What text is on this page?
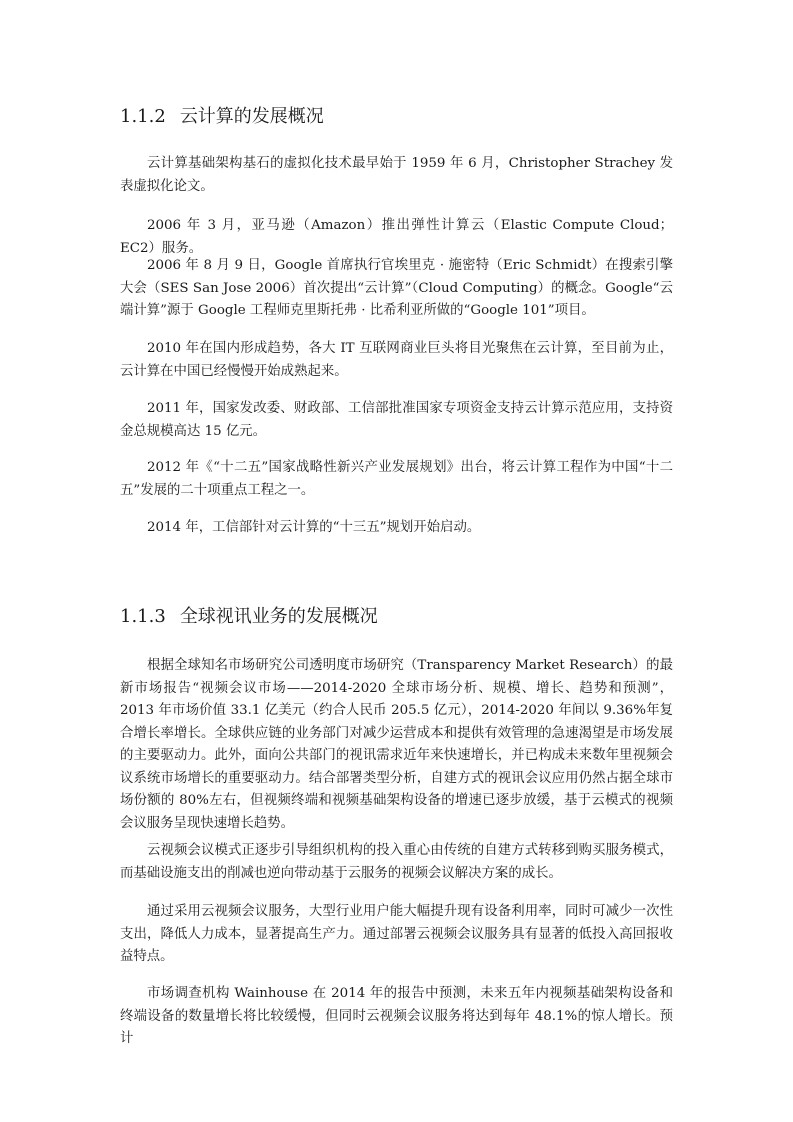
1.1.2 云计算的发展概况

云计算基础架构基石的虚拟化技术最早始于 1959 年 6 月，Christopher Strachey 发表虚拟化论文。

2006 年 3 月，亚马逊（Amazon）推出弹性计算云（Elastic Compute Cloud；EC2）服务。

2006 年 8 月 9 日，Google 首席执行官埃里克 · 施密特（Eric Schmidt）在搜索引擎大会（SES San Jose 2006）首次提出“云计算”（Cloud Computing）的概念。Google“云端计算”源于 Google 工程师克里斯托弗 · 比希利亚所做的“Google 101”项目。

2010 年在国内形成趋势，各大 IT 互联网商业巨头将目光聚焦在云计算，至目前为止，云计算在中国已经慢慢开始成熟起来。

2011 年，国家发改委、财政部、工信部批准国家专项资金支持云计算示范应用，支持资金总规模高达 15 亿元。

2012 年《“十二五”国家战略性新兴产业发展规划》出台，将云计算工程作为中国“十二五”发展的二十项重点工程之一。

2014 年，工信部针对云计算的“十三五”规划开始启动。

1.1.3 全球视讯业务的发展概况

根据全球知名市场研究公司透明度市场研究（Transparency Market Research）的最新市场报告“视频会议市场——2014-2020 全球市场分析、规模、增长、趋势和预测”，2013 年市场价值 33.1 亿美元（约合人民币 205.5 亿元），2014-2020 年间以 9.36%年复合增长率增长。全球供应链的业务部门对减少运营成本和提供有效管理的急速渴望是市场发展的主要驱动力。此外，面向公共部门的视讯需求近年来快速增长，并已构成未来数年里视频会议系统市场增长的重要驱动力。结合部署类型分析，自建方式的视讯会议应用仍然占据全球市场份额的 80%左右，但视频终端和视频基础架构设备的增速已逐步放缓，基于云模式的视频会议服务呈现快速增长趋势。

云视频会议模式正逐步引导组织机构的投入重心由传统的自建方式转移到购买服务模式，而基础设施支出的削减也逆向带动基于云服务的视频会议解决方案的成长。

通过采用云视频会议服务，大型行业用户能大幅提升现有设备利用率，同时可减少一次性支出，降低人力成本，显著提高生产力。通过部署云视频会议服务具有显著的低投入高回报收益特点。

市场调查机构 Wainhouse 在 2014 年的报告中预测，未来五年内视频基础架构设备和终端设备的数量增长将比较缓慢，但同时云视频会议服务将达到每年 48.1%的惊人增长。预计
